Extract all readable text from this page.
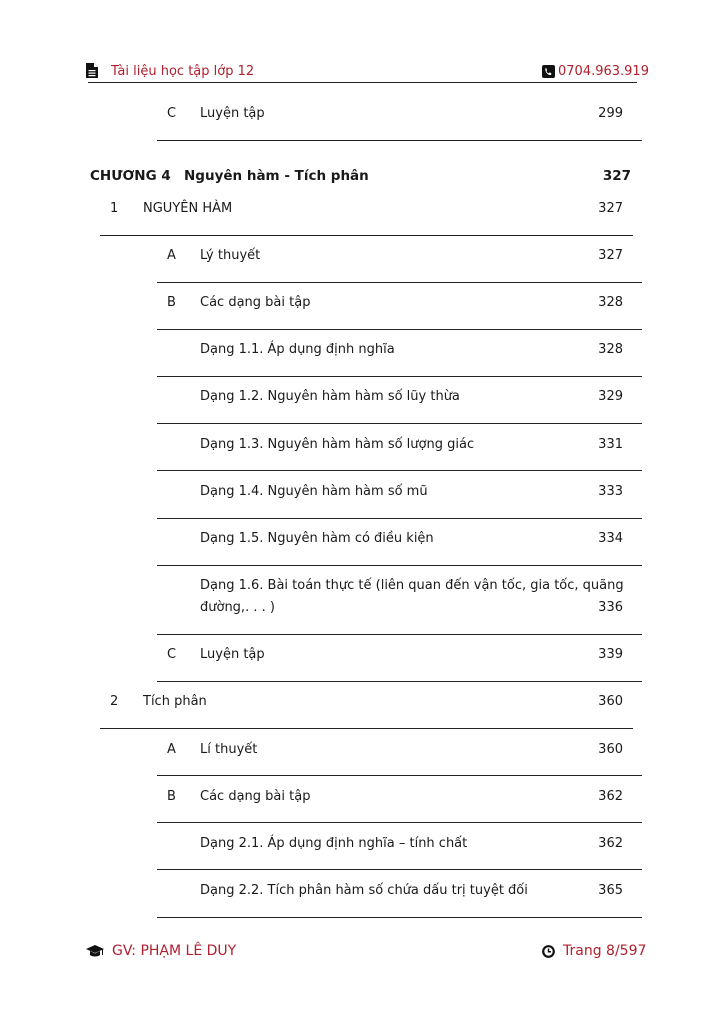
Tài liệu học tập lớp 12	0704.963.919
C Luyện tập	299
CHƯƠNG 4 Nguyên hàm - Tích phân	327
1 NGUYÊN HÀM	327
A Lý thuyết	327
B Các dạng bài tập	328
Dạng 1.1. Áp dụng định nghĩa	328
Dạng 1.2. Nguyên hàm hàm số lũy thừa	329
Dạng 1.3. Nguyên hàm hàm số lượng giác	331
Dạng 1.4. Nguyên hàm hàm số mũ	333
Dạng 1.5. Nguyên hàm có điều kiện	334
Dạng 1.6. Bài toán thực tế (liên quan đến vận tốc, gia tốc, quãng
đường,. . . )	336
C Luyện tập	339
2 Tích phân	360
A Lí thuyết	360
B Các dạng bài tập	362
Dạng 2.1. Áp dụng định nghĩa – tính chất	362
Dạng 2.2. Tích phân hàm số chứa dấu trị tuyệt đối	365
GV: PHẠM LÊ DUY	Trang 8/597
